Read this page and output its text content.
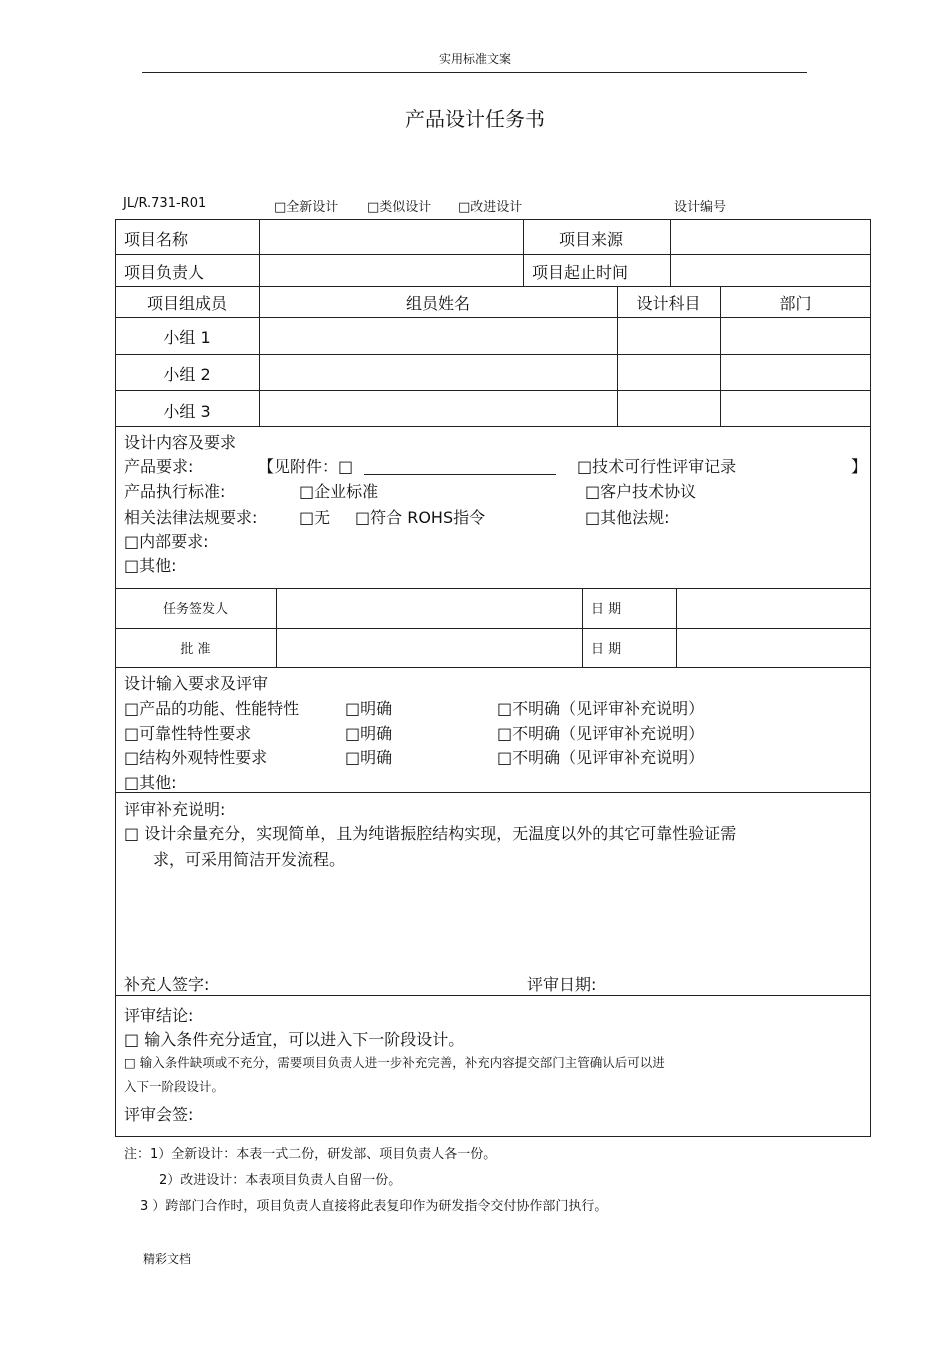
实用标准文案
产品设计任务书
JL/R.731-R01	□全新设计 □类似设计 □改进设计	设计编号
项目名称	项目来源
项目负责人	项目起止时间
项目组成员	组员姓名	设计科目	部门
小组 1
小组 2
小组 3
设计内容及要求
产品要求:	【见附件：□	□技术可行性评审记录	】
产品执行标准:	□企业标准	□客户技术协议
相关法律法规要求:	□无 □符合 ROHS指令	□其他法规:
□内部要求:
□其他:
任务签发人	日 期
批 准	日 期
设计输入要求及评审
□产品的功能、性能特性	□明确	□不明确（见评审补充说明）
□可靠性特性要求	□明确	□不明确（见评审补充说明）
□结构外观特性要求	□明确	□不明确（见评审补充说明）
□其他:
评审补充说明:
□ 设计余量充分，实现简单，且为纯谐振腔结构实现，无温度以外的其它可靠性验证需
求，可采用简洁开发流程。
补充人签字:	评审日期:
评审结论:
□ 输入条件充分适宜，可以进入下一阶段设计。
□ 输入条件缺项或不充分，需要项目负责人进一步补充完善，补充内容提交部门主管确认后可以进
入下一阶段设计。
评审会签:
注：1）全新设计：本表一式二份，研发部、项目负责人各一份。
2）改进设计：本表项目负责人自留一份。
3 ）跨部门合作时，项目负责人直接将此表复印作为研发指令交付协作部门执行。
精彩文档
